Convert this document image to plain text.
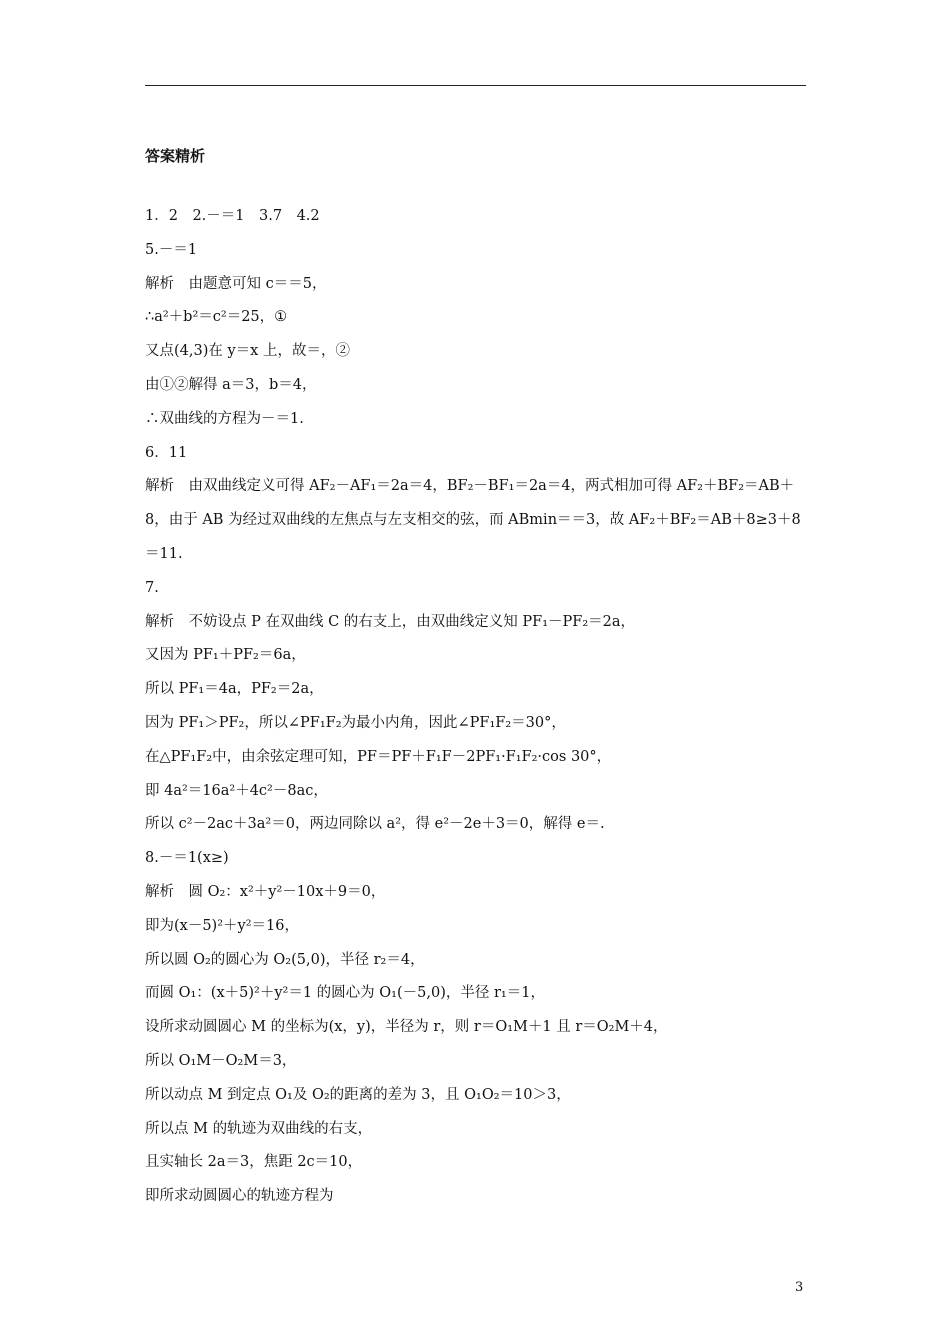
答案精析
1．2　2.－＝1　3.7　4.2
5.－＝1
解析　由题意可知 c＝＝5，
∴a²＋b²＝c²＝25，①
又点(4,3)在 y＝x 上，故＝，②
由①②解得 a＝3，b＝4，
∴双曲线的方程为－＝1.
6．11
解析　由双曲线定义可得 AF₂－AF₁＝2a＝4，BF₂－BF₁＝2a＝4，两式相加可得 AF₂＋BF₂＝AB＋
8，由于 AB 为经过双曲线的左焦点与左支相交的弦，而 ABmin＝＝3，故 AF₂＋BF₂＝AB＋8≥3＋8
＝11.
7.
解析　不妨设点 P 在双曲线 C 的右支上，由双曲线定义知 PF₁－PF₂＝2a，
又因为 PF₁＋PF₂＝6a，
所以 PF₁＝4a，PF₂＝2a，
因为 PF₁＞PF₂，所以∠PF₁F₂为最小内角，因此∠PF₁F₂＝30°，
在△PF₁F₂中，由余弦定理可知，PF＝PF＋F₁F－2PF₁·F₁F₂·cos 30°，
即 4a²＝16a²＋4c²－8ac，
所以 c²－2ac＋3a²＝0，两边同除以 a²，得 e²－2e＋3＝0，解得 e＝.
8.－＝1(x≥)
解析　圆 O₂：x²＋y²－10x＋9＝0，
即为(x－5)²＋y²＝16，
所以圆 O₂的圆心为 O₂(5,0)，半径 r₂＝4，
而圆 O₁：(x＋5)²＋y²＝1 的圆心为 O₁(－5,0)，半径 r₁＝1，
设所求动圆圆心 M 的坐标为(x，y)，半径为 r，则 r＝O₁M＋1 且 r＝O₂M＋4，
所以 O₁M－O₂M＝3，
所以动点 M 到定点 O₁及 O₂的距离的差为 3，且 O₁O₂＝10＞3，
所以点 M 的轨迹为双曲线的右支，
且实轴长 2a＝3，焦距 2c＝10，
即所求动圆圆心的轨迹方程为
3
